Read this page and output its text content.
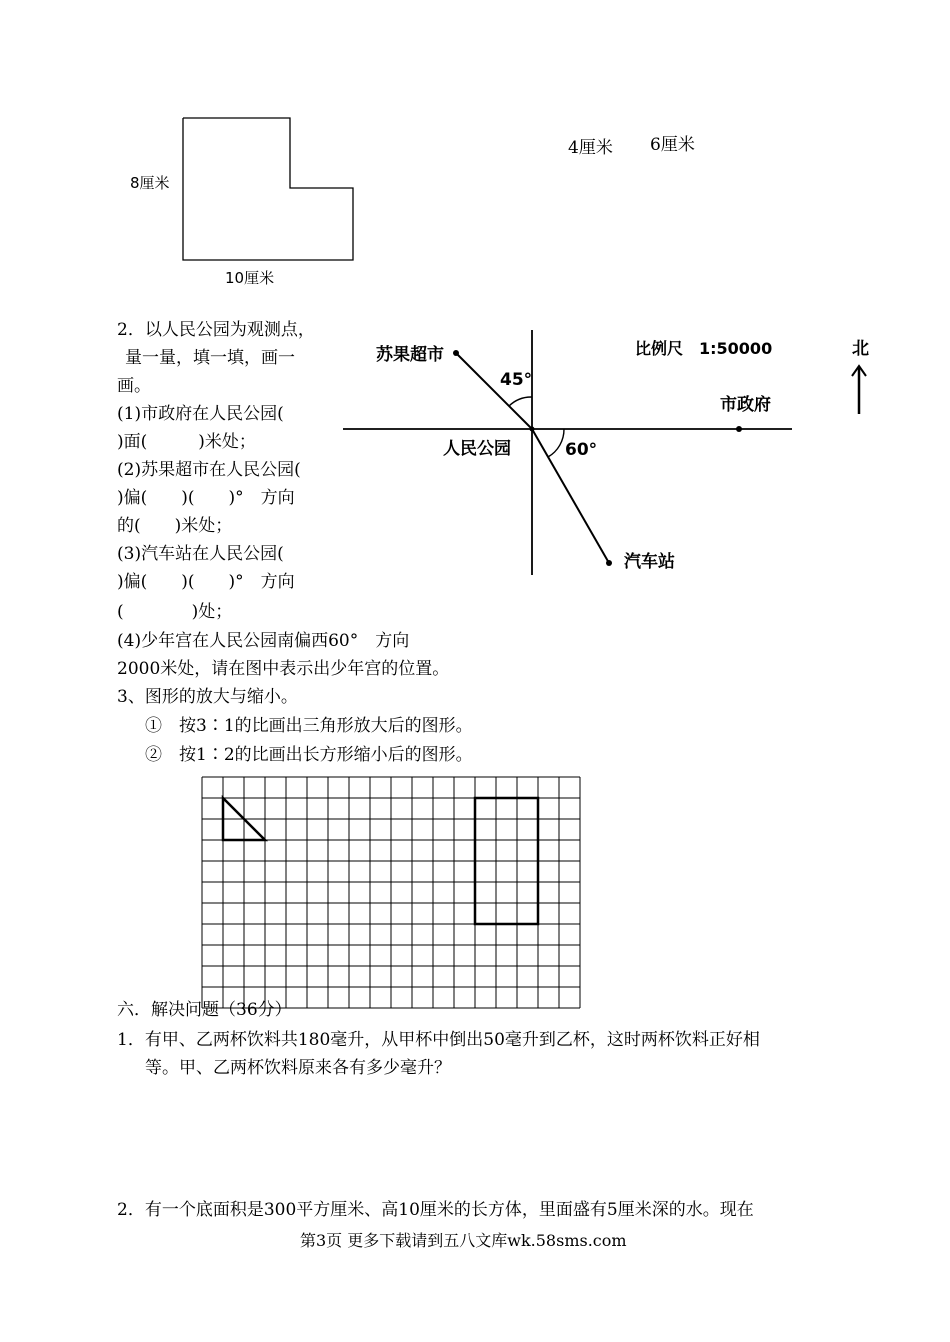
8厘米
10厘米
4厘米 6厘米
2．以人民公园为观测点，
量一量，填一填，画一
画。
(1)市政府在人民公园(
)面(　　　)米处；
(2)苏果超市在人民公园(
)偏(　　)(　　)°　方向
的(　　)米处；
(3)汽车站在人民公园(
)偏(　　)(　　)°　方向
(　　　　)处；
(4)少年宫在人民公园南偏西60°　方向
2000米处，请在图中表示出少年宫的位置。
苏果超市
45°
比例尺　1:50000	北
市政府
人民公园	60°
汽车站
3、图形的放大与缩小。
①　按3∶1的比画出三角形放大后的图形。
②　按1∶2的比画出长方形缩小后的图形。
六．解决问题（36分）
1．有甲、乙两杯饮料共180毫升，从甲杯中倒出50毫升到乙杯，这时两杯饮料正好相
等。甲、乙两杯饮料原来各有多少毫升？
2．有一个底面积是300平方厘米、高10厘米的长方体，里面盛有5厘米深的水。现在
第3页 更多下载请到五八文库wk.58sms.com
